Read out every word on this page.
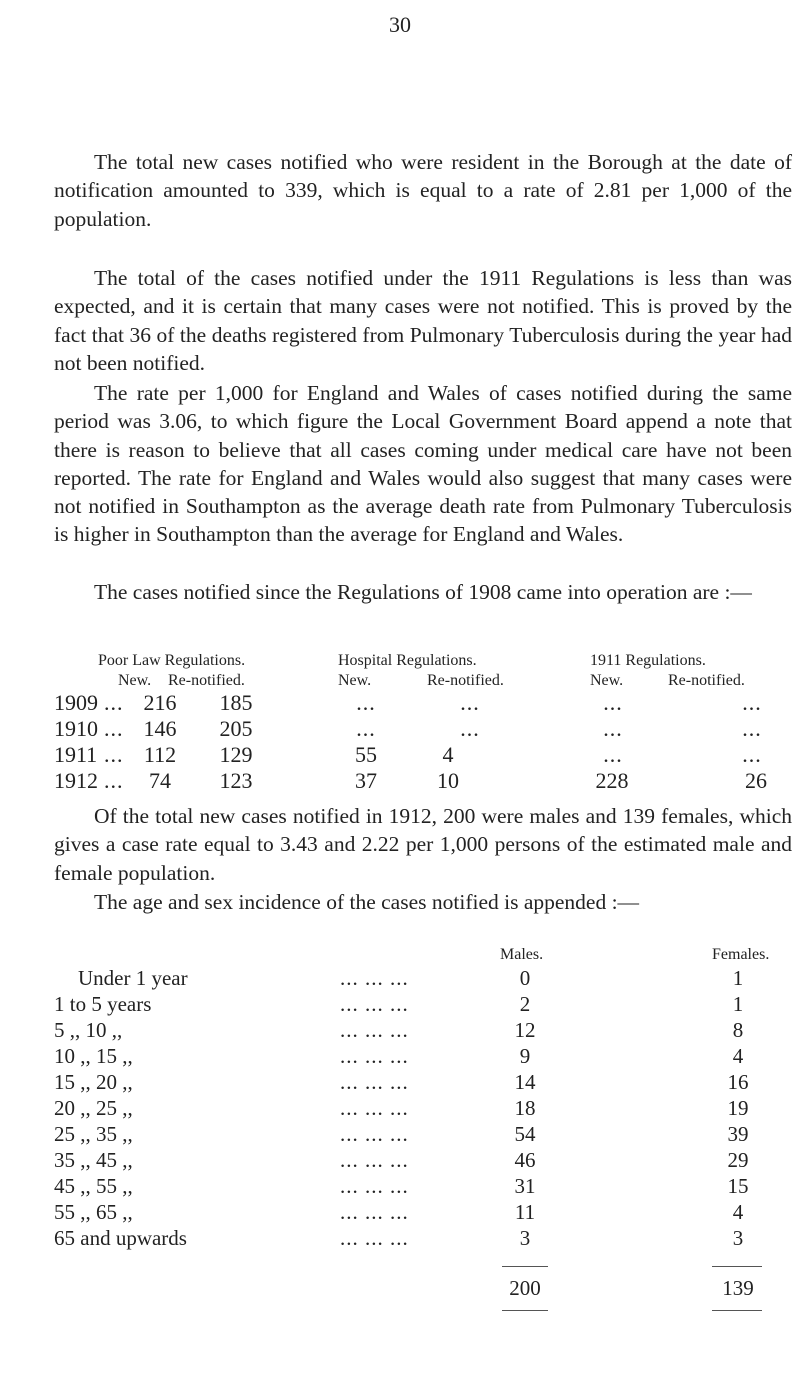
30

The total new cases notified who were resident in the Borough at the date of notification amounted to 339, which is equal to a rate of 2.81 per 1,000 of the population.

The total of the cases notified under the 1911 Regulations is less than was expected, and it is certain that many cases were not notified. This is proved by the fact that 36 of the deaths registered from Pulmonary Tuberculosis during the year had not been notified.

The rate per 1,000 for England and Wales of cases notified during the same period was 3.06, to which figure the Local Government Board append a note that there is reason to believe that all cases coming under medical care have not been reported. The rate for England and Wales would also suggest that many cases were not notified in Southampton as the average death rate from Pulmonary Tuberculosis is higher in Southampton than the average for England and Wales.

The cases notified since the Regulations of 1908 came into operation are :—

Poor Law Regulations.	Hospital Regulations.	1911 Regulations.
New. Re-notified.	New.	Re-notified.	New.	Re-notified.
1909 ... 216 185	...	...	...	...
1910 ... 146 205	...	...	...	...
1911 ... 112 129	55	4	...	...
1912 ... 74 123	37	10	228	26

Of the total new cases notified in 1912, 200 were males and 139 females, which gives a case rate equal to 3.43 and 2.22 per 1,000 persons of the estimated male and female population.

The age and sex incidence of the cases notified is appended :—

Males.	Females.
Under 1 year	... ... ...	0	1
1 to 5 years	... ... ...	2	1
5 ,, 10 ,,	... ... ...	12	8
10 ,, 15 ,,	... ... ...	9	4
15 ,, 20 ,,	... ... ...	14	16
20 ,, 25 ,,	... ... ...	18	19
25 ,, 35 ,,	... ... ...	54	39
35 ,, 45 ,,	... ... ...	46	29
45 ,, 55 ,,	... ... ...	31	15
55 ,, 65 ,,	... ... ...	11	4
65 and upwards	... ... ...	3	3
200	139
